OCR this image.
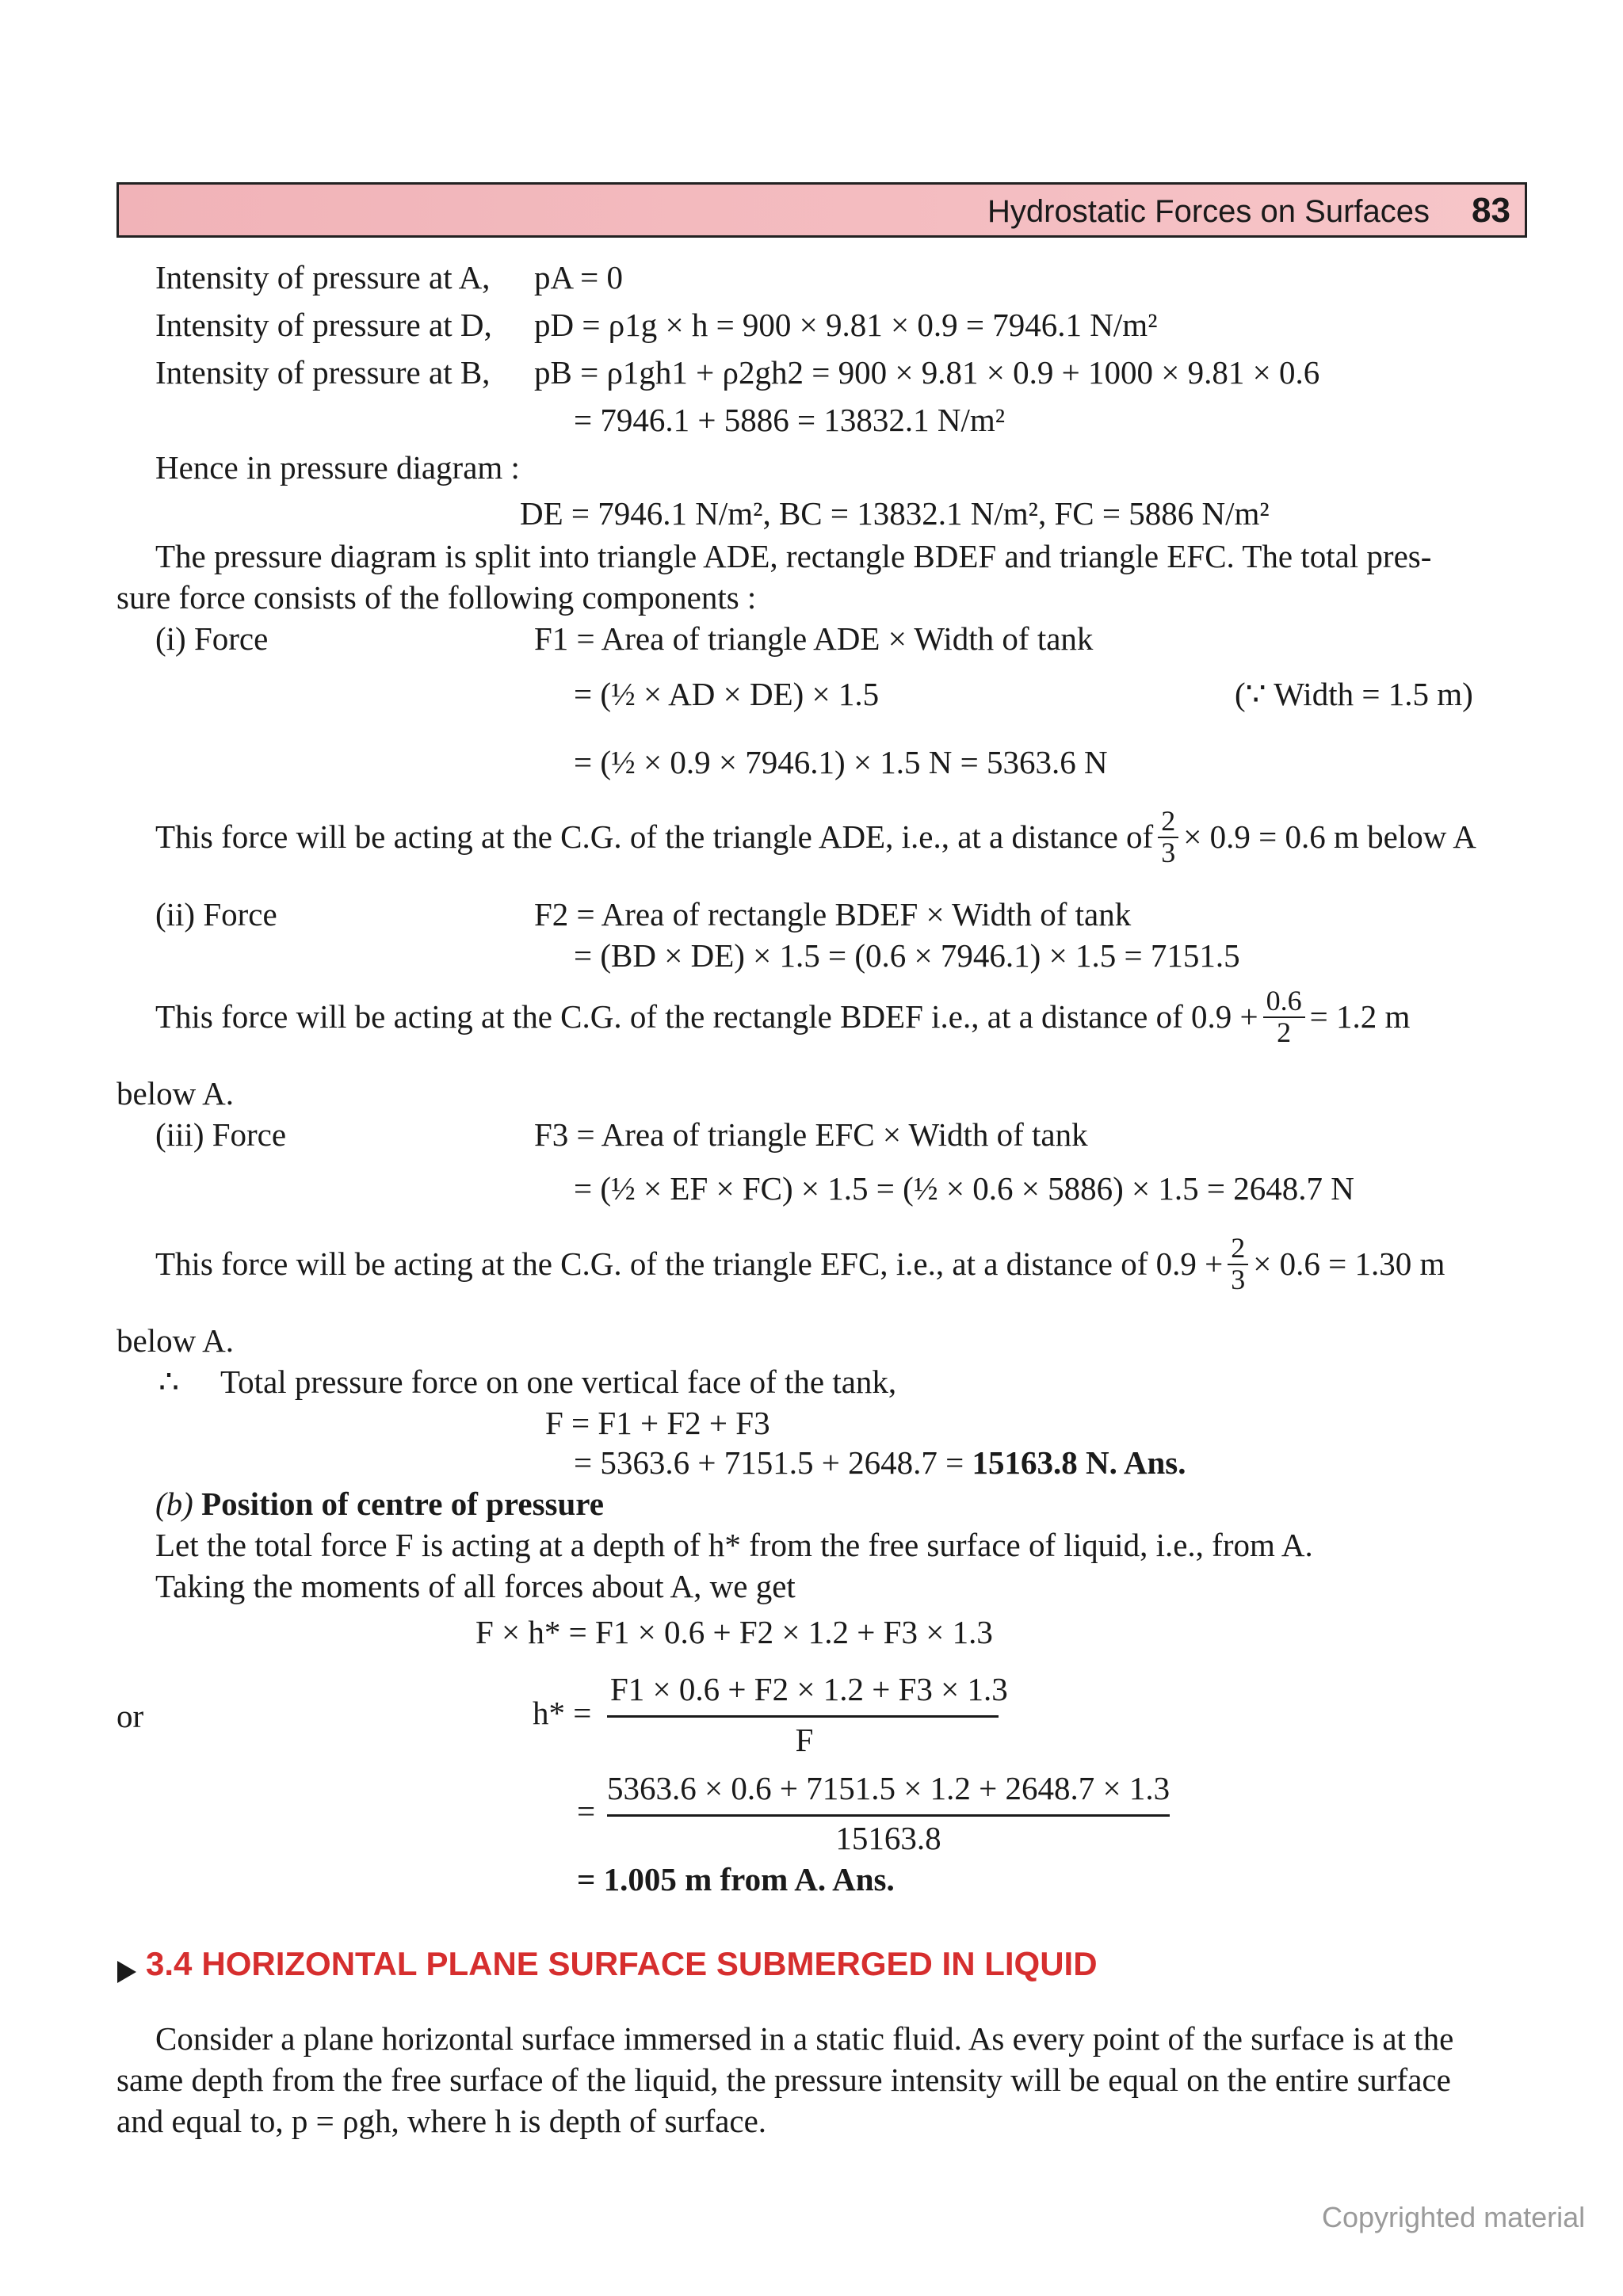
Hydrostatic Forces on Surfaces 83
Intensity of pressure at A, pA = 0
Intensity of pressure at D, pD = ρ1g × h = 900 × 9.81 × 0.9 = 7946.1 N/m²
Intensity of pressure at B, pB = ρ1gh1 + ρ2gh2 = 900 × 9.81 × 0.9 + 1000 × 9.81 × 0.6
= 7946.1 + 5886 = 13832.1 N/m²
Hence in pressure diagram :
DE = 7946.1 N/m², BC = 13832.1 N/m², FC = 5886 N/m²
The pressure diagram is split into triangle ADE, rectangle BDEF and triangle EFC. The total pres-
sure force consists of the following components :
(i) Force	F1 = Area of triangle ADE × Width of tank
= (½ × AD × DE) × 1.5	(∵ Width = 1.5 m)
= (½ × 0.9 × 7946.1) × 1.5 N = 5363.6 N
This force will be acting at the C.G. of the triangle ADE, i.e., at a distance of $\frac{2}{3} \times 0.9 = 0.6$ m below A
(ii) Force	F2 = Area of rectangle BDEF × Width of tank
= (BD × DE) × 1.5 = (0.6 × 7946.1) × 1.5 = 7151.5
This force will be acting at the C.G. of the rectangle BDEF i.e., at a distance of $0.9 + \frac{0.6}{2} = 1.2$ m
below A.
(iii) Force	F3 = Area of triangle EFC × Width of tank
= (½ × EF × FC) × 1.5 = (½ × 0.6 × 5886) × 1.5 = 2648.7 N
This force will be acting at the C.G. of the triangle EFC, i.e., at a distance of $0.9 + \frac{2}{3} \times 0.6 = 1.30$ m
below A.
∴ Total pressure force on one vertical face of the tank,
F = F1 + F2 + F3
= 5363.6 + 7151.5 + 2648.7 = 15163.8 N. Ans.
(b) Position of centre of pressure
Let the total force F is acting at a depth of h* from the free surface of liquid, i.e., from A.
Taking the moments of all forces about A, we get
F × h* = F1 × 0.6 + F2 × 1.2 + F3 × 1.3
or	h* =
F1 × 0.6 + F2 × 1.2 + F3 × 1.3
F
=
5363.6 × 0.6 + 7151.5 × 1.2 + 2648.7 × 1.3
15163.8
= 1.005 m from A. Ans.
3.4 HORIZONTAL PLANE SURFACE SUBMERGED IN LIQUID
Consider a plane horizontal surface immersed in a static fluid. As every point of the surface is at the
same depth from the free surface of the liquid, the pressure intensity will be equal on the entire surface
and equal to, p = ρgh, where h is depth of surface.
Copyrighted material
